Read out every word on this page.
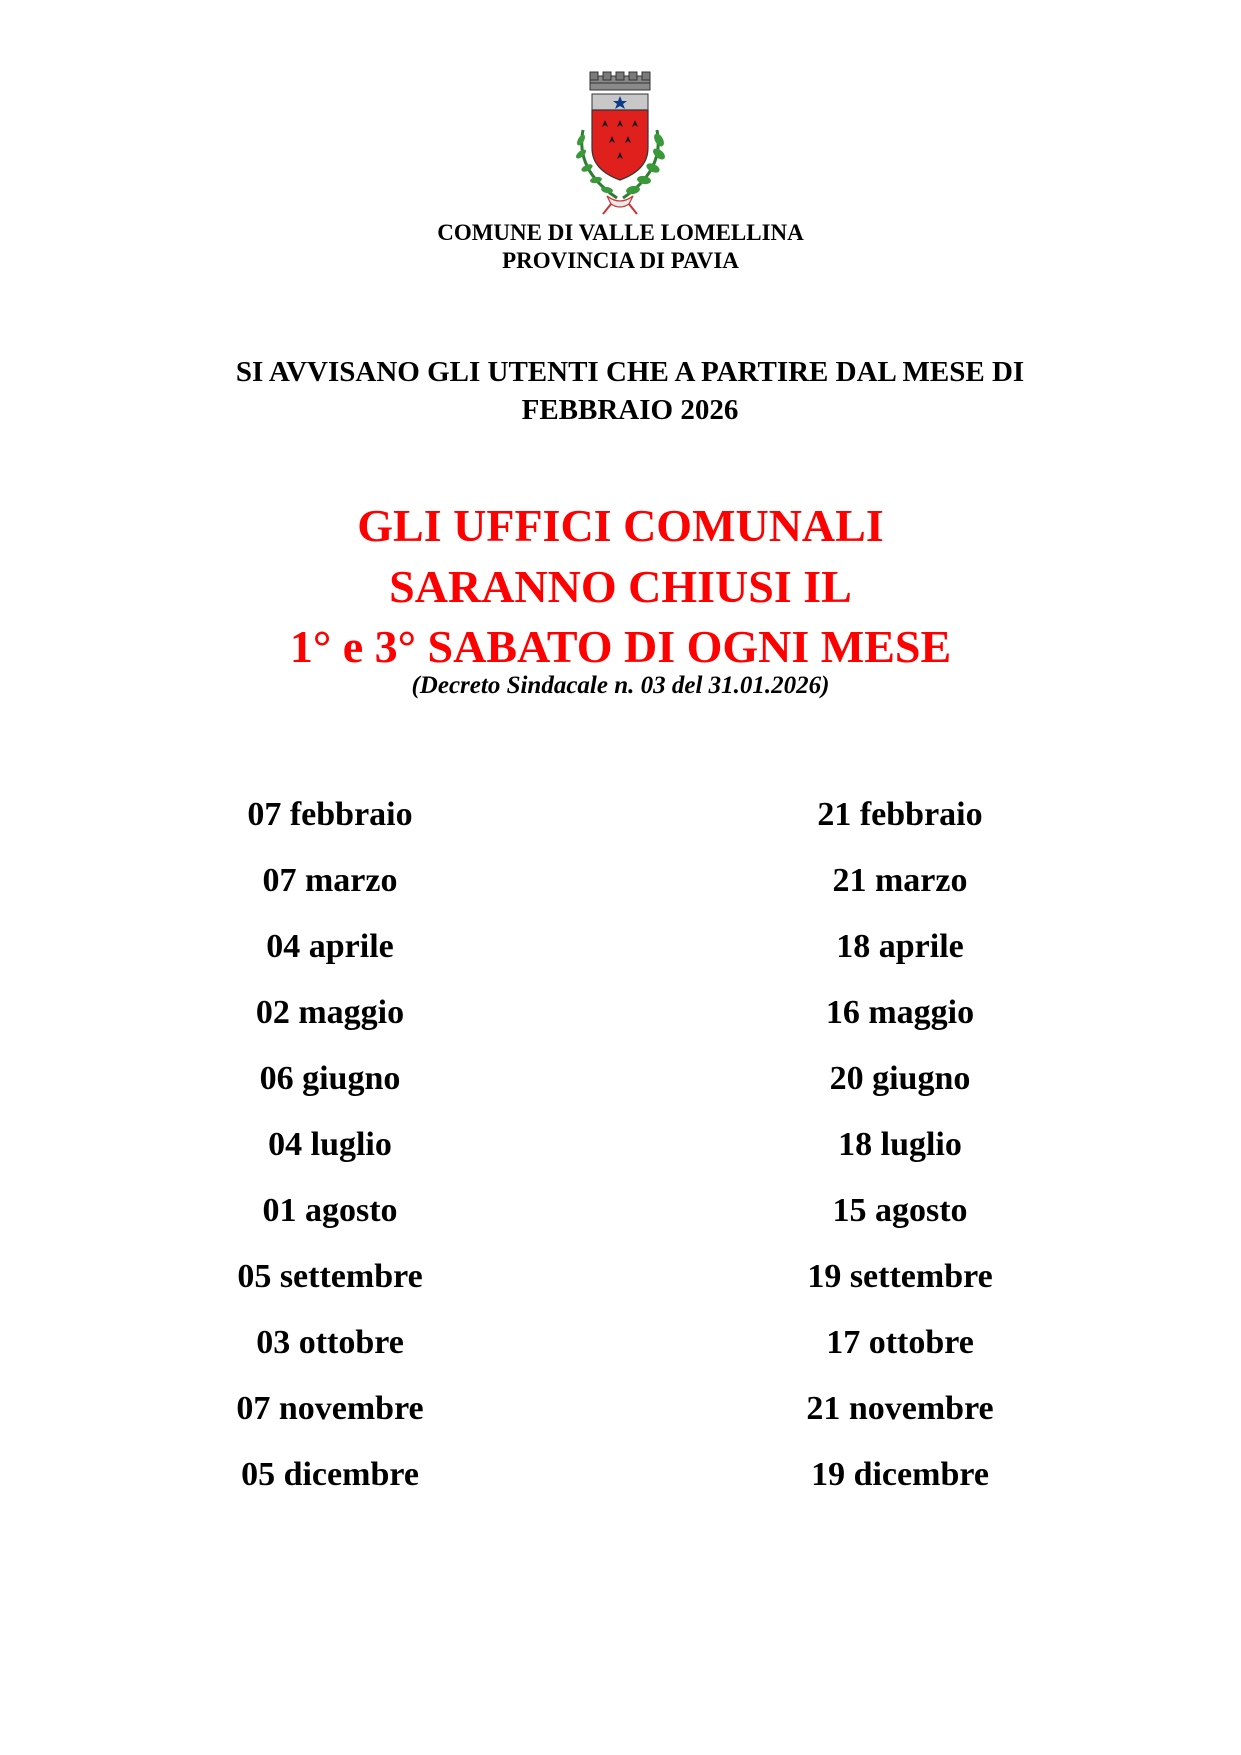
COMUNE DI VALLE LOMELLINA
PROVINCIA DI PAVIA
SI AVVISANO GLI UTENTI CHE A PARTIRE DAL MESE DI
FEBBRAIO 2026
GLI UFFICI COMUNALI
SARANNO CHIUSI IL
1° e 3° SABATO DI OGNI MESE
(Decreto Sindacale n. 03 del 31.01.2026)
07 febbraio
07 marzo
04 aprile
02 maggio
06 giugno
04 luglio
01 agosto
05 settembre
03 ottobre
07 novembre
05 dicembre
21 febbraio
21 marzo
18 aprile
16 maggio
20 giugno
18 luglio
15 agosto
19 settembre
17 ottobre
21 novembre
19 dicembre
